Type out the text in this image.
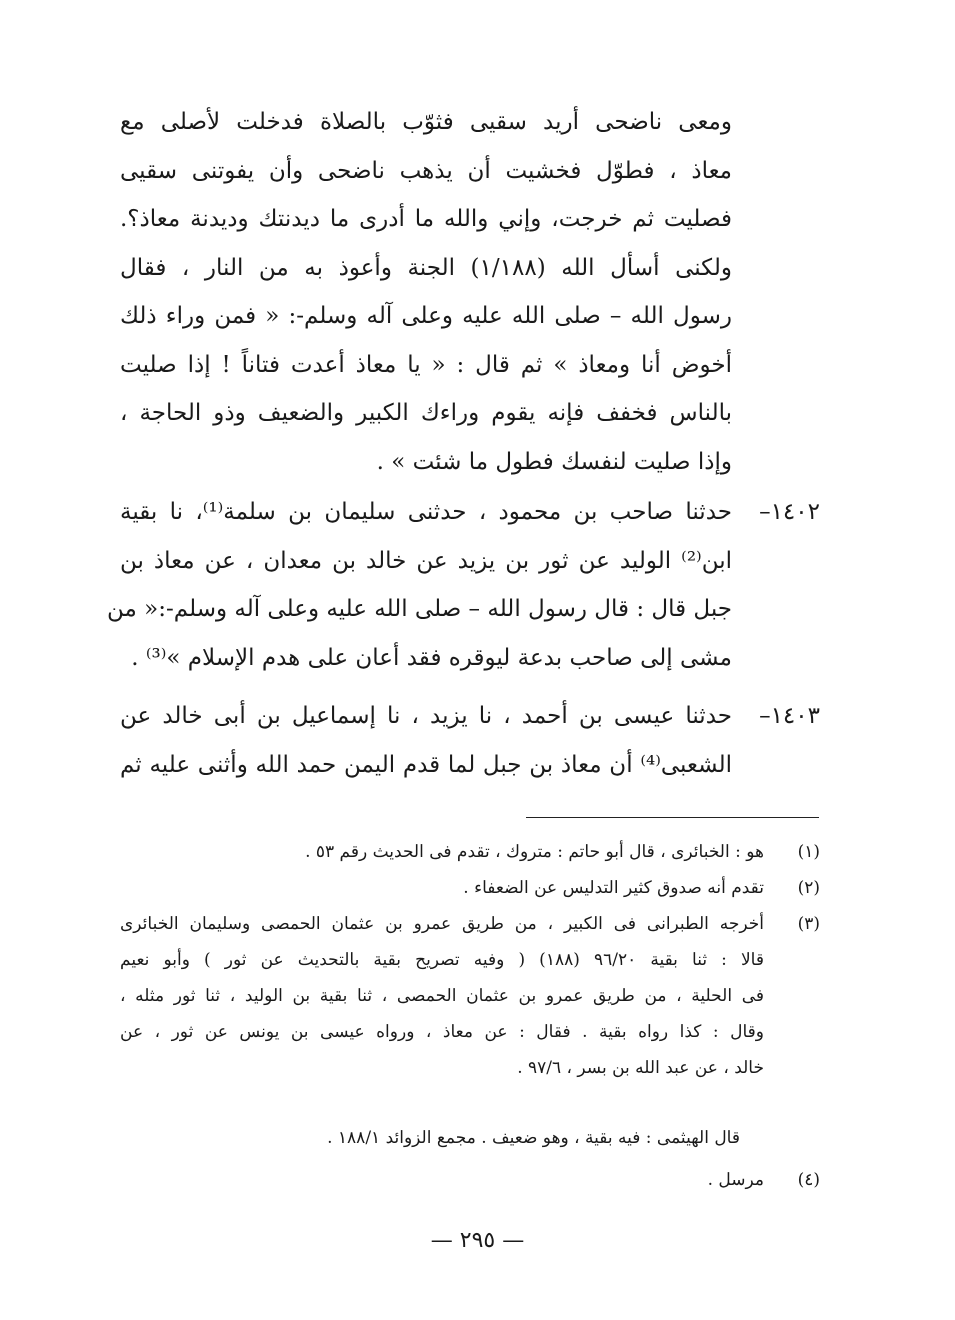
ومعى ناضحى أريد سقيى فثوّب بالصلاة فدخلت لأصلى مع
معاذ ، فطوّل فخشيت أن يذهب ناضحى وأن يفوتنى سقيى
فصليت ثم خرجت، وإني والله ما أدرى ما ديدنتك وديدنة معاذ؟.
ولكنى أسأل الله (١/١٨٨) الجنة وأعوذ به من النار ، فقال
رسول الله – صلى الله عليه وعلى آله وسلم-: « فمن وراء ذلك
أخوض أنا ومعاذ » ثم قال : « يا معاذ أعدت فتاناً ! إذا صليت
بالناس فخفف فإنه يقوم وراءك الكبير والضعيف وذو الحاجة ،
وإذا صليت لنفسك فطول ما شئت » .
١٤٠٢–
حدثنا صاحب بن محمود ، حدثنى سليمان بن سلمة⁽¹⁾، نا بقية
ابن⁽²⁾ الوليد عن ثور بن يزيد عن خالد بن معدان ، عن معاذ بن
جبل قال : قال رسول الله – صلى الله عليه وعلى آله وسلم-:« من
مشى إلى صاحب بدعة ليوقره فقد أعان على هدم الإسلام »⁽³⁾ .
١٤٠٣–
حدثنا عيسى بن أحمد ، نا يزيد ، نا إسماعيل بن أبى خالد عن
الشعبى⁽⁴⁾ أن معاذ بن جبل لما قدم اليمن حمد الله وأثنى عليه ثم
(١)
هو : الخبائرى ، قال أبو حاتم : متروك ، تقدم فى الحديث رقم ٥٣ .
(٢)
تقدم أنه صدوق كثير التدليس عن الضعفاء .
(٣)
أخرجه الطبرانى فى الكبير ، من طريق عمرو بن عثمان الحمصى وسليمان الخبائرى
قالا : ثنا بقية ٩٦/٢٠ (١٨٨) ( وفيه تصريح بقية بالتحديث عن ثور ) وأبو نعيم
فى الحلية ، من طريق عمرو بن عثمان الحمصى ، ثنا بقية بن الوليد ، ثنا ثور مثله ،
وقال : كذا رواه بقية . فقال : عن معاذ ، ورواه عيسى بن يونس عن ثور ، عن
خالد ، عن عبد الله بن بسر ، ٩٧/٦ .
قال الهيثمى : فيه بقية ، وهو ضعيف . مجمع الزوائد ١٨٨/١ .
(٤)
مرسل .
— ٢٩٥ —
